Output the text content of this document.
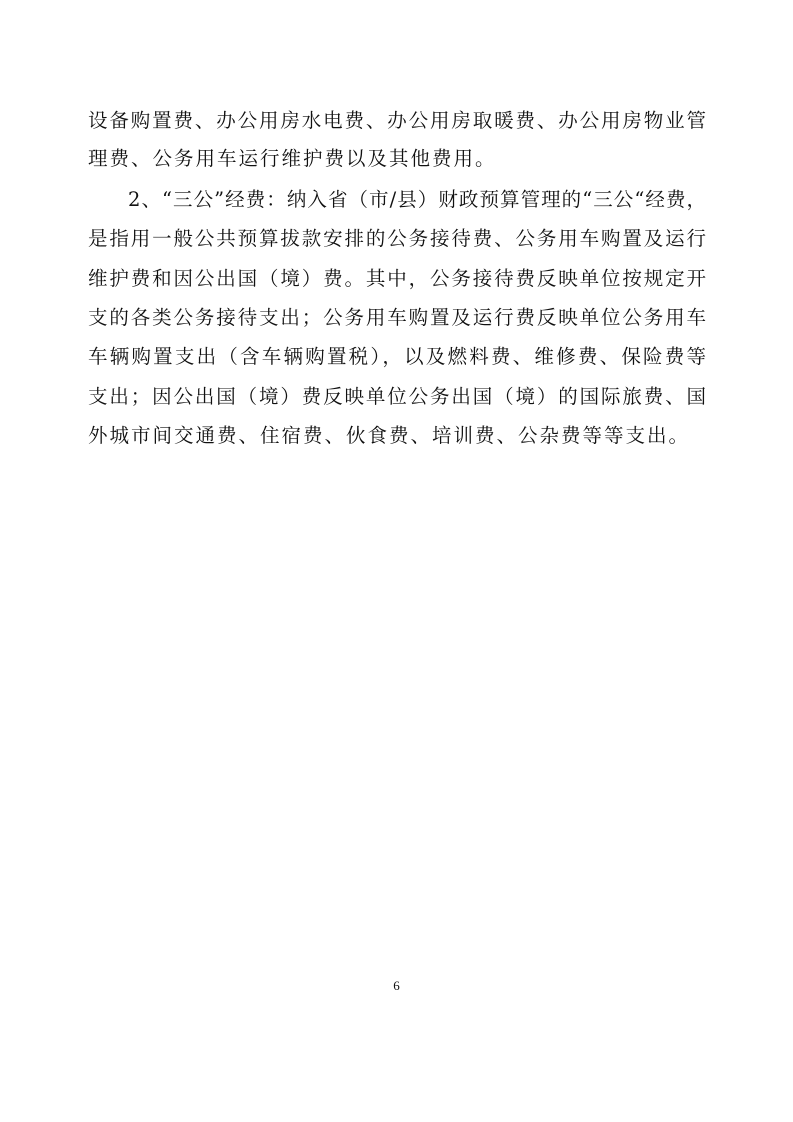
设备购置费、办公用房水电费、办公用房取暖费、办公用房物业管
理费、公务用车运行维护费以及其他费用。
2、“三公”经费：纳入省（市/县）财政预算管理的“三公“经费，
是指用一般公共预算拔款安排的公务接待费、公务用车购置及运行
维护费和因公出国（境）费。其中，公务接待费反映单位按规定开
支的各类公务接待支出；公务用车购置及运行费反映单位公务用车
车辆购置支出（含车辆购置税），以及燃料费、维修费、保险费等
支出；因公出国（境）费反映单位公务出国（境）的国际旅费、国
外城市间交通费、住宿费、伙食费、培训费、公杂费等等支出。
6
